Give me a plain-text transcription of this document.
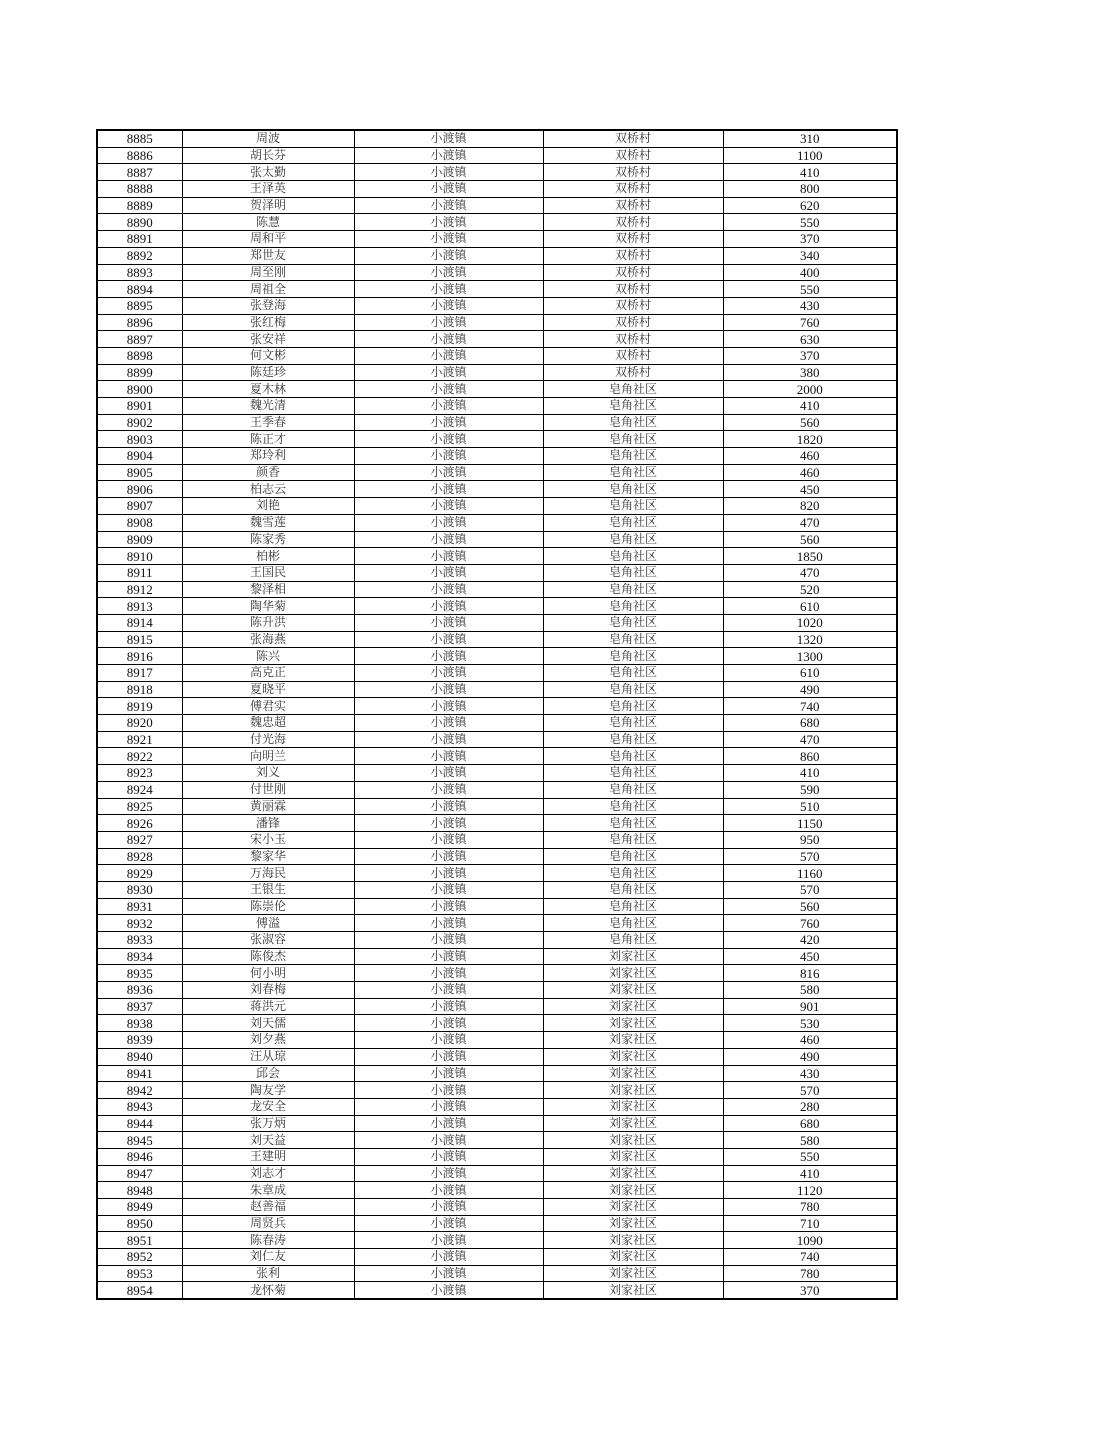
8885	周波	小渡镇	双桥村	310
8886	胡长芬	小渡镇	双桥村	1100
8887	张太勤	小渡镇	双桥村	410
8888	王泽英	小渡镇	双桥村	800
8889	贺泽明	小渡镇	双桥村	620
8890	陈慧	小渡镇	双桥村	550
8891	周和平	小渡镇	双桥村	370
8892	郑世友	小渡镇	双桥村	340
8893	周至刚	小渡镇	双桥村	400
8894	周祖全	小渡镇	双桥村	550
8895	张登海	小渡镇	双桥村	430
8896	张红梅	小渡镇	双桥村	760
8897	张安祥	小渡镇	双桥村	630
8898	何文彬	小渡镇	双桥村	370
8899	陈廷珍	小渡镇	双桥村	380
8900	夏木林	小渡镇	皂角社区	2000
8901	魏光清	小渡镇	皂角社区	410
8902	王季春	小渡镇	皂角社区	560
8903	陈正才	小渡镇	皂角社区	1820
8904	郑玲利	小渡镇	皂角社区	460
8905	颜香	小渡镇	皂角社区	460
8906	柏志云	小渡镇	皂角社区	450
8907	刘艳	小渡镇	皂角社区	820
8908	魏雪莲	小渡镇	皂角社区	470
8909	陈家秀	小渡镇	皂角社区	560
8910	柏彬	小渡镇	皂角社区	1850
8911	王国民	小渡镇	皂角社区	470
8912	黎泽相	小渡镇	皂角社区	520
8913	陶华菊	小渡镇	皂角社区	610
8914	陈升洪	小渡镇	皂角社区	1020
8915	张海燕	小渡镇	皂角社区	1320
8916	陈兴	小渡镇	皂角社区	1300
8917	高克正	小渡镇	皂角社区	610
8918	夏晓平	小渡镇	皂角社区	490
8919	傅君实	小渡镇	皂角社区	740
8920	魏忠超	小渡镇	皂角社区	680
8921	付光海	小渡镇	皂角社区	470
8922	向明兰	小渡镇	皂角社区	860
8923	刘义	小渡镇	皂角社区	410
8924	付世刚	小渡镇	皂角社区	590
8925	黄丽霖	小渡镇	皂角社区	510
8926	潘锋	小渡镇	皂角社区	1150
8927	宋小玉	小渡镇	皂角社区	950
8928	黎家华	小渡镇	皂角社区	570
8929	万海民	小渡镇	皂角社区	1160
8930	王银生	小渡镇	皂角社区	570
8931	陈崇伦	小渡镇	皂角社区	560
8932	傅溢	小渡镇	皂角社区	760
8933	张淑容	小渡镇	皂角社区	420
8934	陈俊杰	小渡镇	刘家社区	450
8935	何小明	小渡镇	刘家社区	816
8936	刘春梅	小渡镇	刘家社区	580
8937	蒋洪元	小渡镇	刘家社区	901
8938	刘天儒	小渡镇	刘家社区	530
8939	刘夕燕	小渡镇	刘家社区	460
8940	汪从琼	小渡镇	刘家社区	490
8941	邱会	小渡镇	刘家社区	430
8942	陶友学	小渡镇	刘家社区	570
8943	龙安全	小渡镇	刘家社区	280
8944	张万炳	小渡镇	刘家社区	680
8945	刘天益	小渡镇	刘家社区	580
8946	王建明	小渡镇	刘家社区	550
8947	刘志才	小渡镇	刘家社区	410
8948	朱章成	小渡镇	刘家社区	1120
8949	赵善福	小渡镇	刘家社区	780
8950	周贤兵	小渡镇	刘家社区	710
8951	陈春涛	小渡镇	刘家社区	1090
8952	刘仁友	小渡镇	刘家社区	740
8953	张利	小渡镇	刘家社区	780
8954	龙怀菊	小渡镇	刘家社区	370
